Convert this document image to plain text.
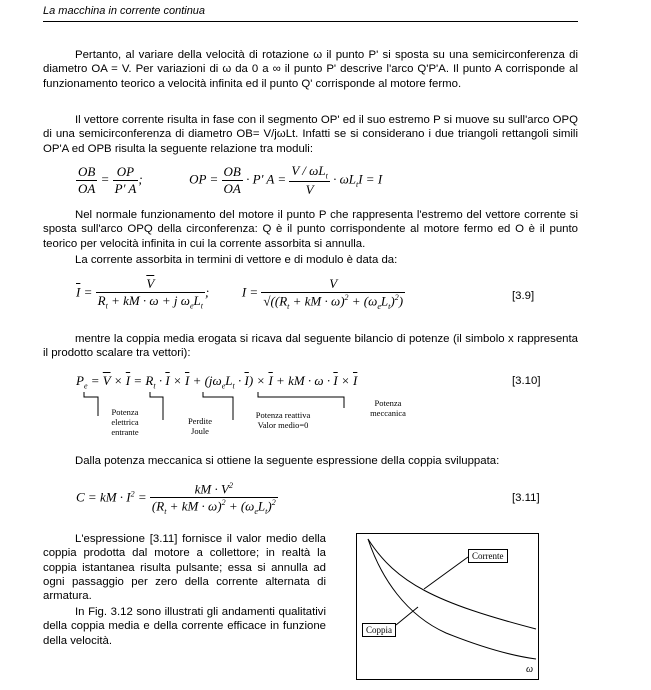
La macchina in corrente continua
Pertanto, al variare della velocità di rotazione ω il punto P' si sposta su una semicirconferenza di diametro OA = V. Per variazioni di ω da 0 a ∞ il punto P' descrive l'arco Q'P'A. Il punto A corrisponde al funzionamento teorico a velocità infinita ed il punto Q' corrisponde al motore fermo.
Il vettore corrente risulta in fase con il segmento OP' ed il suo estremo P si muove su sull'arco OPQ di una semicirconferenza di diametro OB= V/jωLt. Infatti se si considerano i due triangoli rettangoli simili OP'A ed OPB risulta la seguente relazione tra moduli:
$\frac{OB}{OA} = \frac{OP}{P' A}$ ;	OP = $\frac{OB}{OA} \cdot P'$ $A = \frac{V / \omega L_t}{V} \cdot \omega L_tI = I$
Nel normale funzionamento del motore il punto P che rappresenta l'estremo del vettore corrente si sposta sull'arco OPQ della circonferenza: Q è il punto corrispondente al motore fermo ed O è il punto teorico per velocità infinita in cui la corrente assorbita si annulla.
La corrente assorbita in termini di vettore e di modulo è data da:
$\overline{I} = \frac{\overline{V}}{R_t + kM \cdot \omega + j \omega_eL_t}$ ;  $I = \frac{V}{√((R_t + kM \cdot \omega)^2 + (\omega_eL_t)^2)}$	[3.9]
mentre la coppia media erogata si ricava dal seguente bilancio di potenze (il simbolo x rappresenta il prodotto scalare tra vettori):
$P_e = \overline{V} \times \overline{I} = R_t \cdot \overline{I} \times \overline{I} + (j\omega_eL_t \cdot \overline{I}) \times \overline{I}$ + kM · $\omega \cdot \overline{I} \times \overline{I}$	[3.10]
Potenza elettrica entrante
Perdite Joule
Potenza reattiva Valor medio=0
Potenza meccanica
Dalla potenza meccanica si ottiene la seguente espressione della coppia sviluppata:
C = kM · $I^2 = \frac{kM \cdot V^2}{(R_t + kM \cdot \omega)^2 + (\omega_eL_t)^2}$	[3.11]
L'espressione [3.11] fornisce il valor medio della coppia prodotta dal motore a collettore; in realtà la coppia istantanea risulta pulsante; essa si annulla ad ogni passaggio per zero della corrente alternata di armatura.
In Fig. 3.12 sono illustrati gli andamenti qualitativi della coppia media e della corrente efficace in funzione della velocità.
Corrente
Coppia
ω
